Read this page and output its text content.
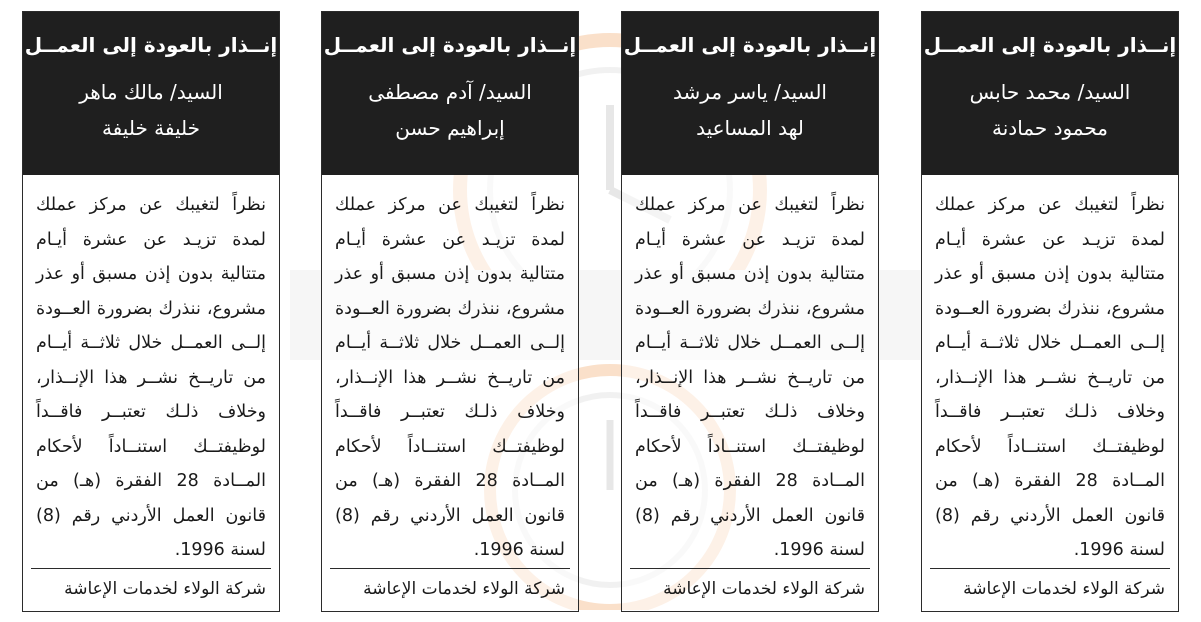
إنــذار بالعودة إلى العمــل
السيد/ محمد حابس
محمود حمادنة
نظراً لتغيبك عن مركز عملك لمدة تزيـد عن عشرة أيـام متتالية بدون إذن مسبق أو عذر مشروع، ننذرك بضرورة العــودة إلــى العمــل خلال ثلاثــة أيــام من تاريــخ نشــر هذا الإنــذار، وخلاف ذلـك تعتبــر فاقــداً لوظيفتــك استنــاداً لأحكام المــادة 28 الفقرة (هـ) من قانون العمل الأردني رقم (8) لسنة 1996.
شركة الولاء لخدمات الإعاشة
إنــذار بالعودة إلى العمــل
السيد/ ياسر مرشد
لهد المساعيد
نظراً لتغيبك عن مركز عملك لمدة تزيـد عن عشرة أيـام متتالية بدون إذن مسبق أو عذر مشروع، ننذرك بضرورة العــودة إلــى العمــل خلال ثلاثــة أيــام من تاريــخ نشــر هذا الإنــذار، وخلاف ذلـك تعتبــر فاقــداً لوظيفتــك استنــاداً لأحكام المــادة 28 الفقرة (هـ) من قانون العمل الأردني رقم (8) لسنة 1996.
شركة الولاء لخدمات الإعاشة
إنــذار بالعودة إلى العمــل
السيد/ آدم مصطفى
إبراهيم حسن
نظراً لتغيبك عن مركز عملك لمدة تزيـد عن عشرة أيـام متتالية بدون إذن مسبق أو عذر مشروع، ننذرك بضرورة العــودة إلــى العمــل خلال ثلاثــة أيــام من تاريــخ نشــر هذا الإنــذار، وخلاف ذلـك تعتبــر فاقــداً لوظيفتــك استنــاداً لأحكام المــادة 28 الفقرة (هـ) من قانون العمل الأردني رقم (8) لسنة 1996.
شركة الولاء لخدمات الإعاشة
إنــذار بالعودة إلى العمــل
السيد/ مالك ماهر
خليفة خليفة
نظراً لتغيبك عن مركز عملك لمدة تزيـد عن عشرة أيـام متتالية بدون إذن مسبق أو عذر مشروع، ننذرك بضرورة العــودة إلــى العمــل خلال ثلاثــة أيــام من تاريــخ نشــر هذا الإنــذار، وخلاف ذلـك تعتبــر فاقــداً لوظيفتــك استنــاداً لأحكام المــادة 28 الفقرة (هـ) من قانون العمل الأردني رقم (8) لسنة 1996.
شركة الولاء لخدمات الإعاشة
